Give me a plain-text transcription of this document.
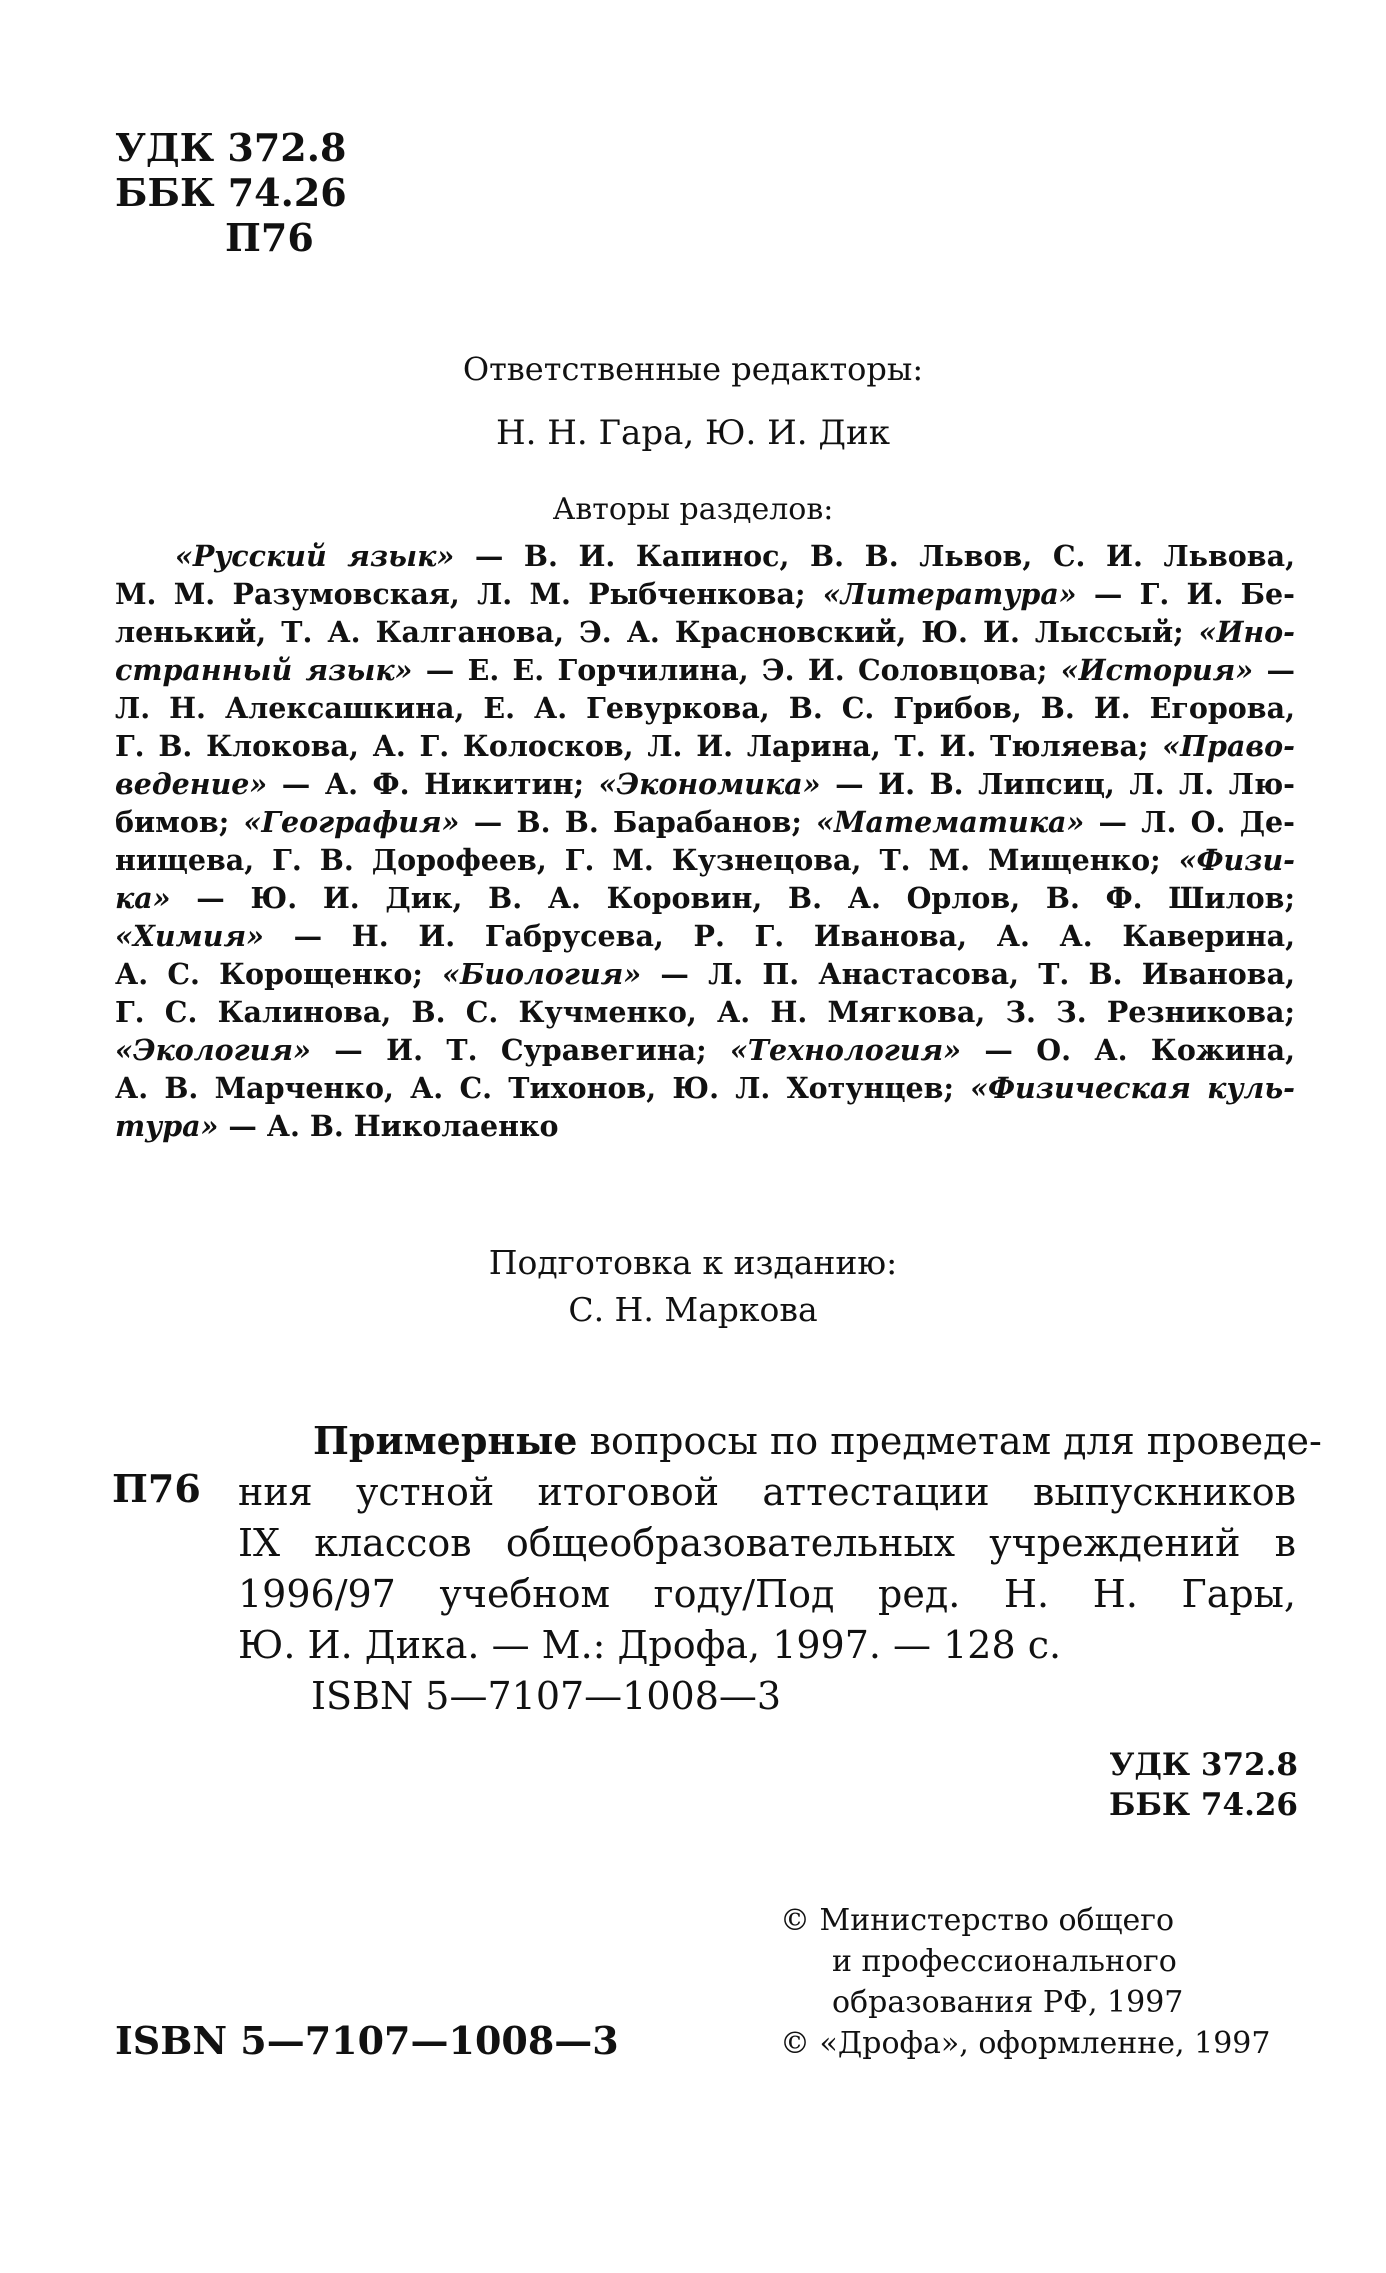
УДК 372.8
ББК 74.26
П76
Ответственные редакторы:
Н. Н. Гара, Ю. И. Дик
Авторы разделов:
«Русский язык» — В. И. Капинос, В. В. Львов, С. И. Львова,
М. М. Разумовская, Л. М. Рыбченкова; «Литература» — Г. И. Бе-
ленький, Т. А. Калганова, Э. А. Красновский, Ю. И. Лыссый; «Ино-
странный язык» — Е. Е. Горчилина, Э. И. Соловцова; «История» —
Л. Н. Алексашкина, Е. А. Гевуркова, В. С. Грибов, В. И. Егорова,
Г. В. Клокова, А. Г. Колосков, Л. И. Ларина, Т. И. Тюляева; «Право-
ведение» — А. Ф. Никитин; «Экономика» — И. В. Липсиц, Л. Л. Лю-
бимов; «География» — В. В. Барабанов; «Математика» — Л. О. Де-
нищева, Г. В. Дорофеев, Г. М. Кузнецова, Т. М. Мищенко; «Физи-
ка» — Ю. И. Дик, В. А. Коровин, В. А. Орлов, В. Ф. Шилов;
«Химия» — Н. И. Габрусева, Р. Г. Иванова, А. А. Каверина,
А. С. Корощенко; «Биология» — Л. П. Анастасова, Т. В. Иванова,
Г. С. Калинова, В. С. Кучменко, А. Н. Мягкова, З. З. Резникова;
«Экология» — И. Т. Суравегина; «Технология» — О. А. Кожина,
А. В. Марченко, А. С. Тихонов, Ю. Л. Хотунцев; «Физическая куль-
тура» — А. В. Николаенко
Подготовка к изданию:
С. Н. Маркова
П76
Примерные вопросы по предметам для проведе-
ния устной итоговой аттестации выпускников
IX классов общеобразовательных учреждений в
1996/97 учебном году/Под ред. Н. Н. Гары,
Ю. И. Дика. — М.: Дрофа, 1997. — 128 с.
ISBN 5—7107—1008—3
УДК 372.8
ББК 74.26
© Министерство общего
и профессионального
образования РФ, 1997
© «Дрофа», оформленне, 1997
ISBN 5—7107—1008—3
